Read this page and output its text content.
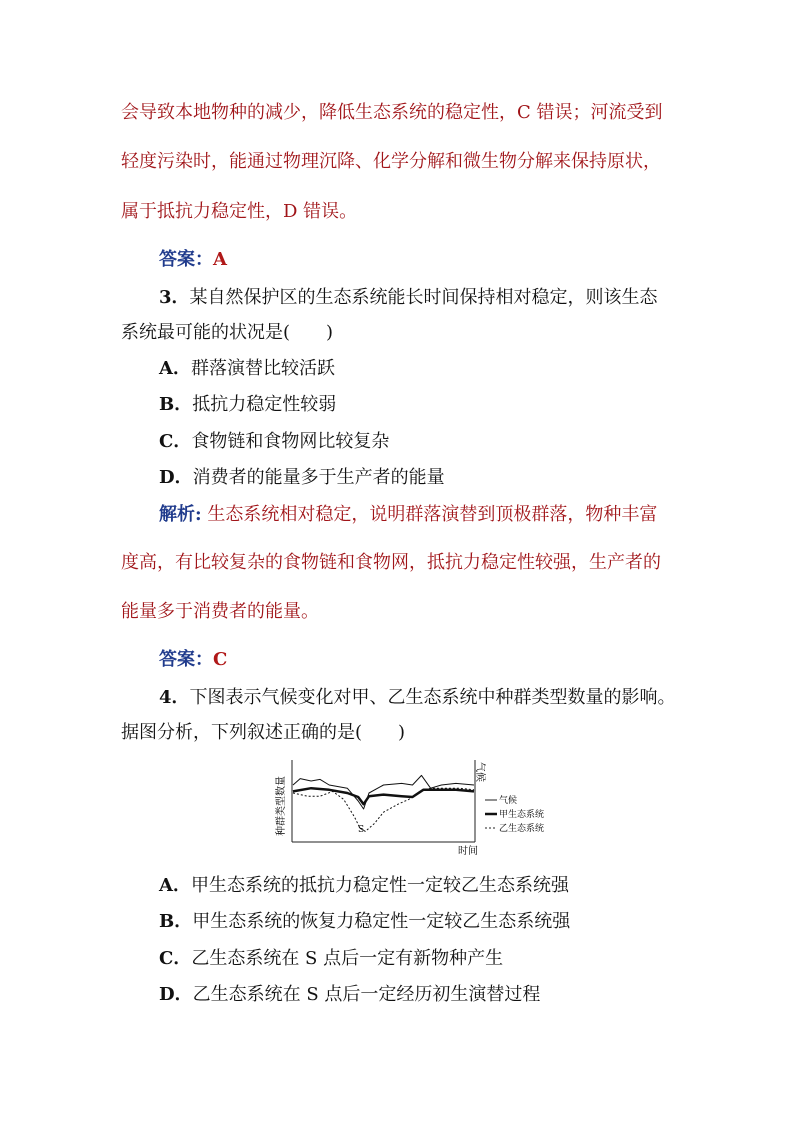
会导致本地物种的减少，降低生态系统的稳定性，C 错误；河流受到
轻度污染时，能通过物理沉降、化学分解和微生物分解来保持原状，
属于抵抗力稳定性，D 错误。
答案：A
3．某自然保护区的生态系统能长时间保持相对稳定，则该生态
系统最可能的状况是(　　)
A．群落演替比较活跃
B．抵抗力稳定性较弱
C．食物链和食物网比较复杂
D．消费者的能量多于生产者的能量
解析: 生态系统相对稳定，说明群落演替到顶极群落，物种丰富
度高，有比较复杂的食物链和食物网，抵抗力稳定性较强，生产者的
能量多于消费者的能量。
答案：C
4．下图表示气候变化对甲、乙生态系统中种群类型数量的影响。
据图分析，下列叙述正确的是(　　)
种群类型数量
气候
时间
S
气候
甲生态系统
乙生态系统
A．甲生态系统的抵抗力稳定性一定较乙生态系统强
B．甲生态系统的恢复力稳定性一定较乙生态系统强
C．乙生态系统在 S 点后一定有新物种产生
D．乙生态系统在 S 点后一定经历初生演替过程
